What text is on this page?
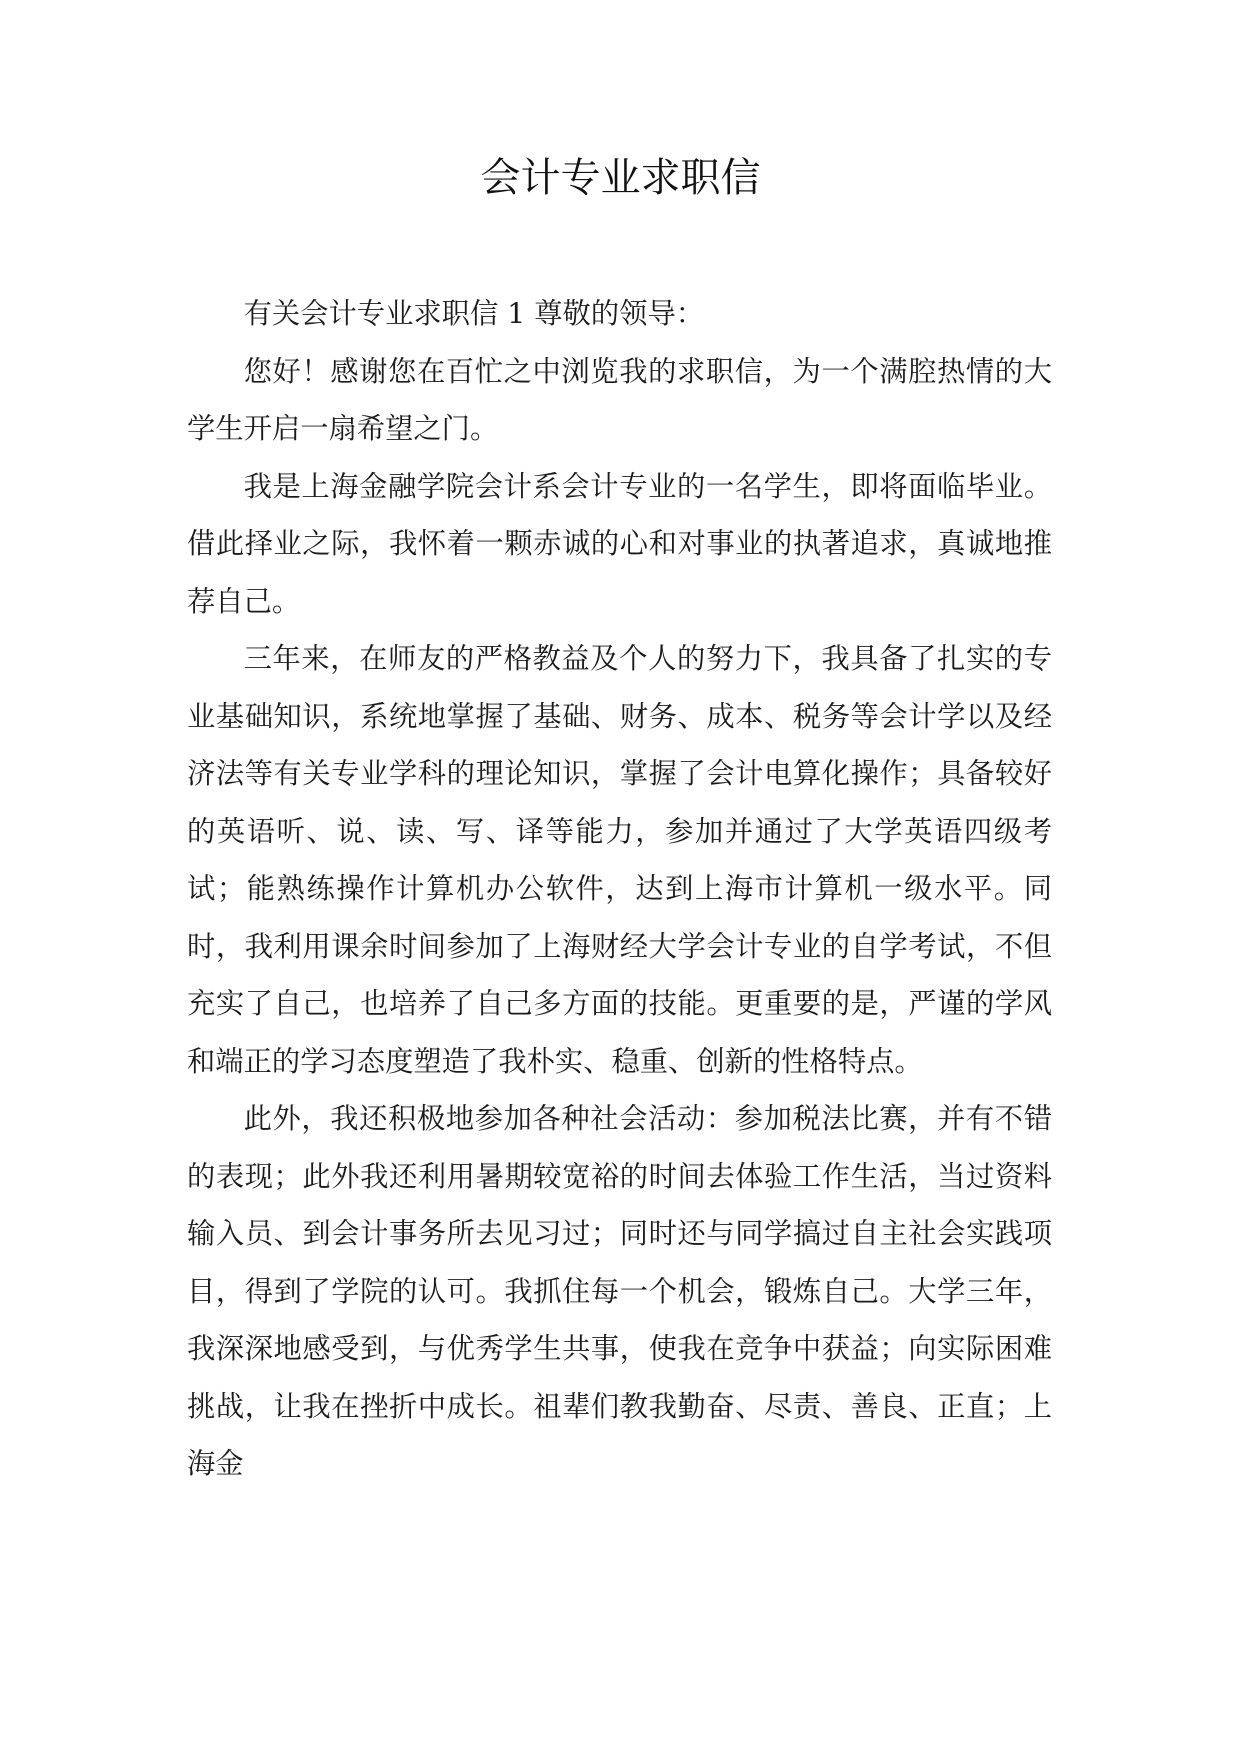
会计专业求职信

有关会计专业求职信 1 尊敬的领导：

您好！感谢您在百忙之中浏览我的求职信，为一个满腔热情的大学生开启一扇希望之门。

我是上海金融学院会计系会计专业的一名学生，即将面临毕业。借此择业之际，我怀着一颗赤诚的心和对事业的执著追求，真诚地推荐自己。

三年来，在师友的严格教益及个人的努力下，我具备了扎实的专业基础知识，系统地掌握了基础、财务、成本、税务等会计学以及经济法等有关专业学科的理论知识，掌握了会计电算化操作；具备较好的英语听、说、读、写、译等能力，参加并通过了大学英语四级考试；能熟练操作计算机办公软件，达到上海市计算机一级水平。同时，我利用课余时间参加了上海财经大学会计专业的自学考试，不但充实了自己，也培养了自己多方面的技能。更重要的是，严谨的学风和端正的学习态度塑造了我朴实、稳重、创新的性格特点。

此外，我还积极地参加各种社会活动：参加税法比赛，并有不错的表现；此外我还利用暑期较宽裕的时间去体验工作生活，当过资料输入员、到会计事务所去见习过；同时还与同学搞过自主社会实践项目，得到了学院的认可。我抓住每一个机会，锻炼自己。大学三年，我深深地感受到，与优秀学生共事，使我在竞争中获益；向实际困难挑战，让我在挫折中成长。祖辈们教我勤奋、尽责、善良、正直；上海金
